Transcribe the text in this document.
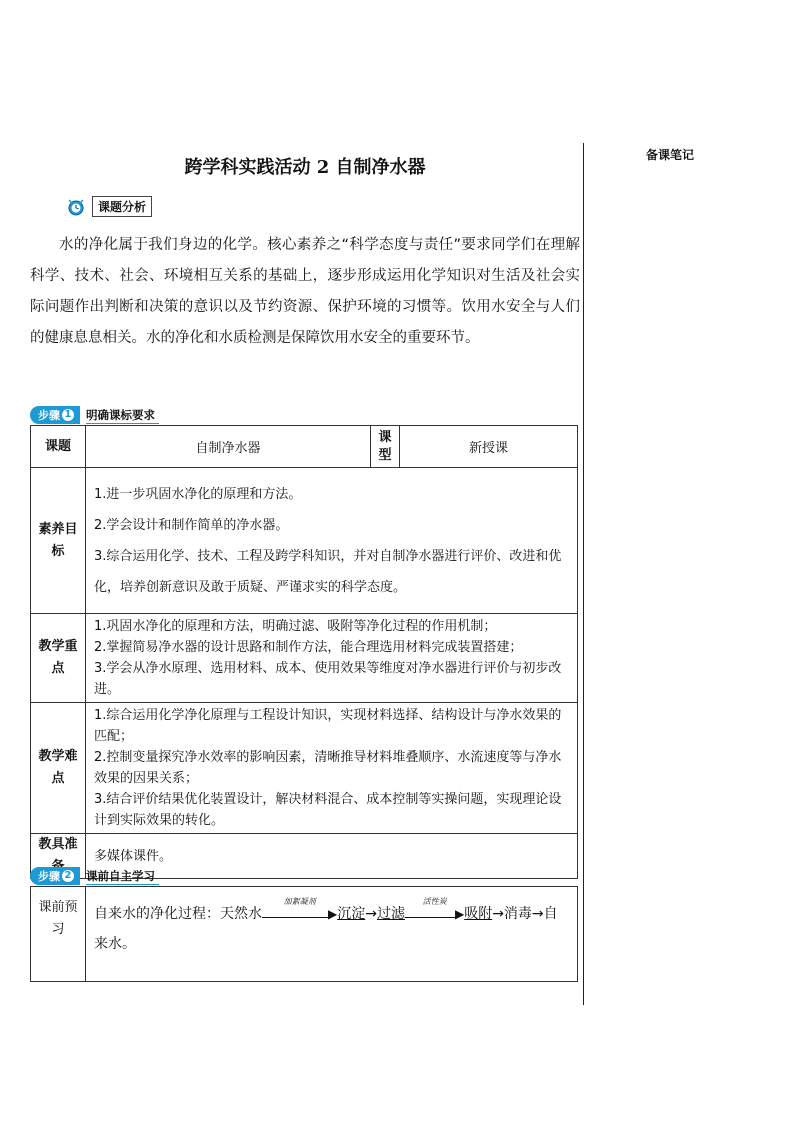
备课笔记
跨学科实践活动 2 自制净水器
课题分析
水的净化属于我们身边的化学。核心素养之“科学态度与责任”要求同学们在理解科学、技术、社会、环境相互关系的基础上，逐步形成运用化学知识对生活及社会实际问题作出判断和决策的意识以及节约资源、保护环境的习惯等。饮用水安全与人们的健康息息相关。水的净化和水质检测是保障饮用水安全的重要环节。
步骤 1 明确课标要求
课题	自制净水器	课型	新授课
素养目标	1.进一步巩固水净化的原理和方法。

2.学会设计和制作简单的净水器。

3.综合运用化学、技术、工程及跨学科知识，并对自制净水器进行评价、改进和优化，培养创新意识及敢于质疑、严谨求实的科学态度。		

教学重点	1.巩固水净化的原理和方法，明确过滤、吸附等净化过程的作用机制；
2.掌握简易净水器的设计思路和制作方法，能合理选用材料完成装置搭建；
3.学会从净水原理、选用材料、成本、使用效果等维度对净水器进行评价与初步改进。		

教学难点	1.综合运用化学净化原理与工程设计知识，实现材料选择、结构设计与净水效果的匹配；
2.控制变量探究净水效率的影响因素，清晰推导材料堆叠顺序、水流速度等与净水效果的因果关系；
3.结合评价结果优化装置设计，解决材料混合、成本控制等实操问题，实现理论设计到实际效果的转化。		

教具准	多媒体课件。		
步骤 2 课前自主学习
课前预习	自来水的净化过程：天然水
加絮凝剂
▶沉淀→过滤
活性炭
▶吸附→消毒→自来水。
